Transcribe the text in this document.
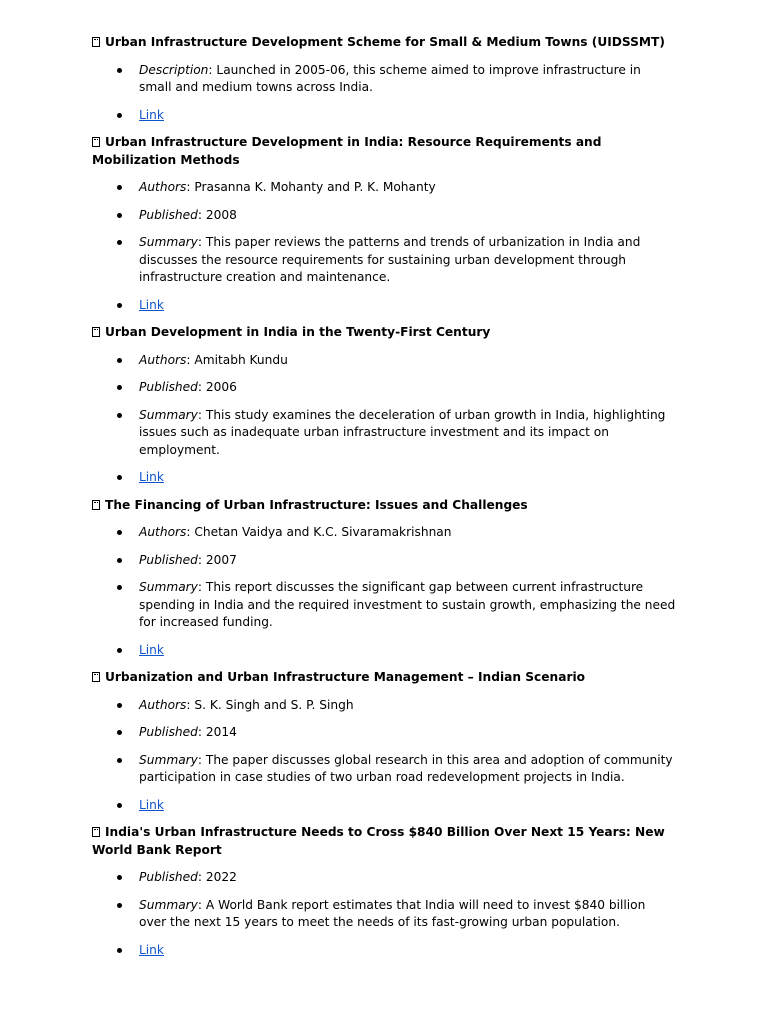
Urban Infrastructure Development Scheme for Small & Medium Towns (UIDSSMT)
Description: Launched in 2005-06, this scheme aimed to improve infrastructure in small and medium towns across India.
Link
Urban Infrastructure Development in India: Resource Requirements and Mobilization Methods
Authors: Prasanna K. Mohanty and P. K. Mohanty
Published: 2008
Summary: This paper reviews the patterns and trends of urbanization in India and discusses the resource requirements for sustaining urban development through infrastructure creation and maintenance.
Link
Urban Development in India in the Twenty-First Century
Authors: Amitabh Kundu
Published: 2006
Summary: This study examines the deceleration of urban growth in India, highlighting issues such as inadequate urban infrastructure investment and its impact on employment.
Link
The Financing of Urban Infrastructure: Issues and Challenges
Authors: Chetan Vaidya and K.C. Sivaramakrishnan
Published: 2007
Summary: This report discusses the significant gap between current infrastructure spending in India and the required investment to sustain growth, emphasizing the need for increased funding.
Link
Urbanization and Urban Infrastructure Management – Indian Scenario
Authors: S. K. Singh and S. P. Singh
Published: 2014
Summary: The paper discusses global research in this area and adoption of community participation in case studies of two urban road redevelopment projects in India.
Link
India's Urban Infrastructure Needs to Cross $840 Billion Over Next 15 Years: New World Bank Report
Published: 2022
Summary: A World Bank report estimates that India will need to invest $840 billion over the next 15 years to meet the needs of its fast-growing urban population.
Link
